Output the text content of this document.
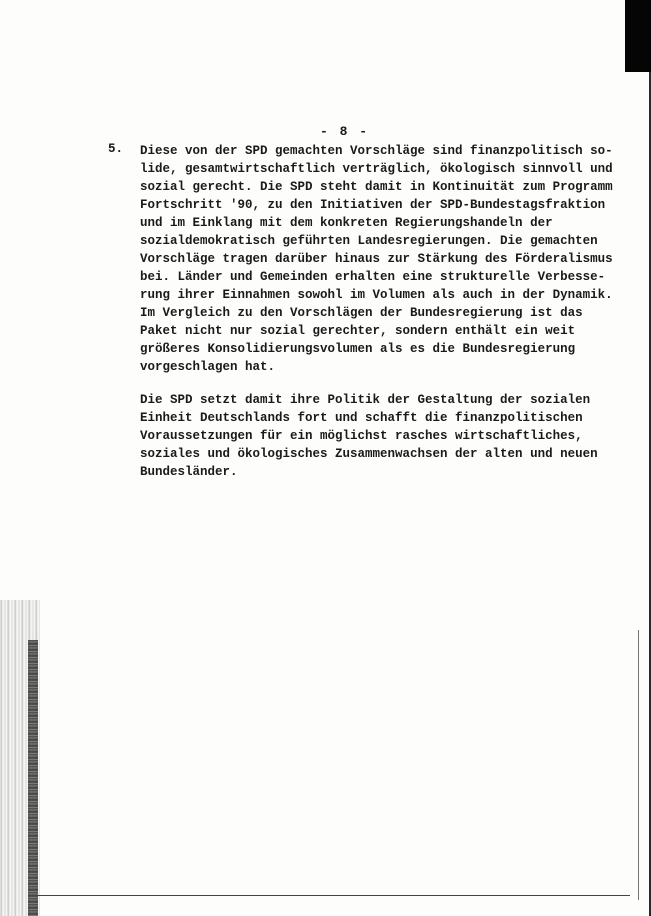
- 8 -
5. Diese von der SPD gemachten Vorschläge sind finanzpolitisch so-
lide, gesamtwirtschaftlich verträglich, ökologisch sinnvoll und
sozial gerecht. Die SPD steht damit in Kontinuität zum Programm
Fortschritt '90, zu den Initiativen der SPD-Bundestagsfraktion
und im Einklang mit dem konkreten Regierungshandeln der
sozialdemokratisch geführten Landesregierungen. Die gemachten
Vorschläge tragen darüber hinaus zur Stärkung des Förderalismus
bei. Länder und Gemeinden erhalten eine strukturelle Verbesse-
rung ihrer Einnahmen sowohl im Volumen als auch in der Dynamik.
Im Vergleich zu den Vorschlägen der Bundesregierung ist das
Paket nicht nur sozial gerechter, sondern enthält ein weit
größeres Konsolidierungsvolumen als es die Bundesregierung
vorgeschlagen hat.
Die SPD setzt damit ihre Politik der Gestaltung der sozialen
Einheit Deutschlands fort und schafft die finanzpolitischen
Voraussetzungen für ein möglichst rasches wirtschaftliches,
soziales und ökologisches Zusammenwachsen der alten und neuen
Bundesländer.
